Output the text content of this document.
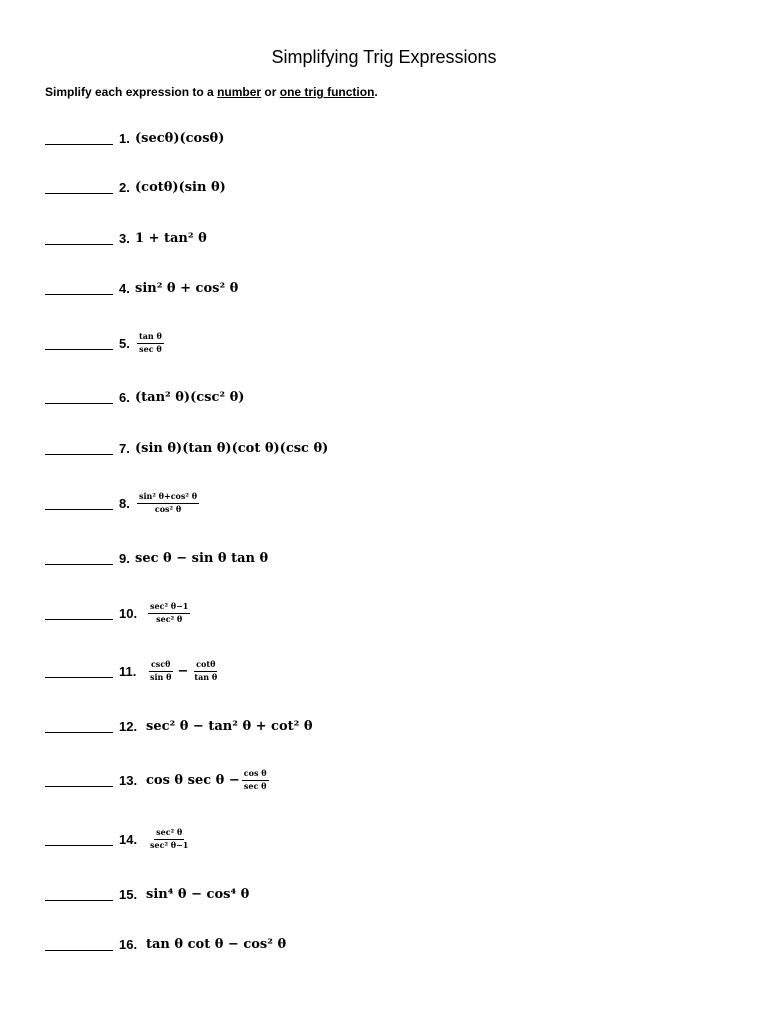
Simplifying Trig Expressions
Simplify each expression to a number or one trig function.
1. (secθ)(cosθ)
2. (cotθ)(sin θ)
3. 1 + tan² θ
4. sin² θ + cos² θ
5. $\frac{\text{tan θ}}{\text{sec θ}}$
6. (tan² θ)(csc² θ)
7. (sin θ)(tan θ)(cot θ)(csc θ)
8. $\frac{\text{sin² θ+cos² θ}}{\text{cos² θ}}$
9. sec θ − sin θ tan θ
10.	$\frac{\text{sec² θ−1}}{\text{sec² θ}}$
11.	$\frac{\csc\theta}{\text{sin θ}} - \frac{\cot\theta}{\text{tan θ}}$
12. sec² θ − tan² θ + cot² θ
13. cos θ $\sec \theta - \frac{\text{cos θ}}{\text{sec θ}}$
14.	$\frac{\text{sec² θ}}{\text{sec² θ−1}}$
15. sin⁴ θ − cos⁴ θ
16. tan θ cot θ − cos² θ
